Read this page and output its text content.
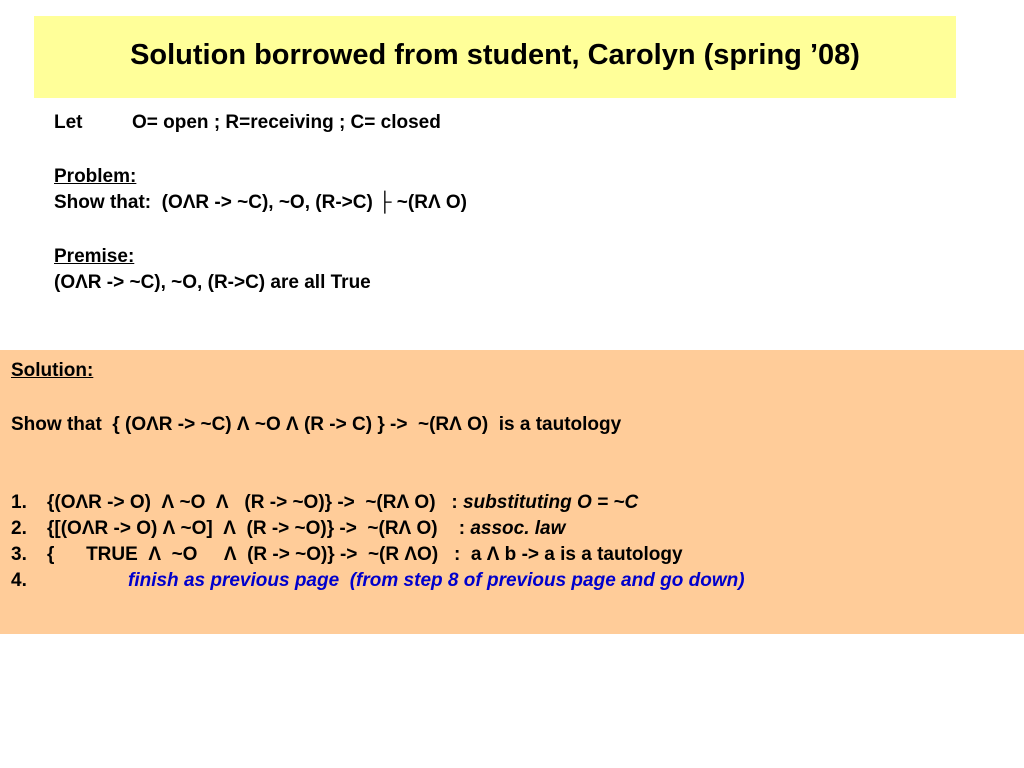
Solution borrowed from student, Carolyn (spring ’08)
Let	O= open ; R=receiving ; C= closed
Problem:
Show that:  (OΛR -> ~C), ~O, (R->C) ├ ~(RΛ O)
Premise:
(OΛR -> ~C), ~O, (R->C) are all True
Solution:
Show that  { (OΛR -> ~C) Λ ~O Λ (R -> C) } ->  ~(RΛ O)  is a tautology
1.	{(OΛR -> O)  Λ ~O  Λ   (R -> ~O)} ->  ~(RΛ O)   : substituting O = ~C
2.	{[(OΛR -> O) Λ ~O]  Λ  (R -> ~O)} ->  ~(RΛ O)    : assoc. law
3.	{      TRUE  Λ  ~O     Λ  (R -> ~O)} ->  ~(R ΛO)   :  a Λ b -> a is a tautology
4.	finish as previous page  (from step 8 of previous page and go down)
